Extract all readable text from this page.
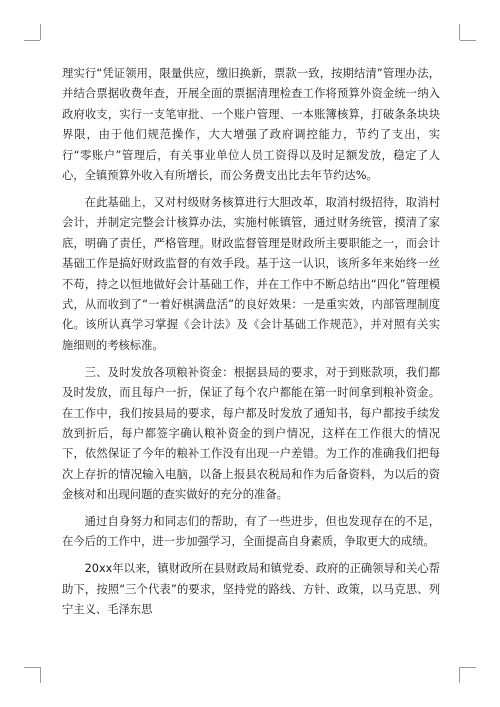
理实行“凭证领用，限量供应，缴旧换新，票款一致，按期结清”管理办法，并结合票据收费年查，开展全面的票据清理检查工作将预算外资金统一纳入政府收支，实行一支笔审批、一个账户管理、一本账簿核算，打破条条块块界限，由于他们规范操作，大大增强了政府调控能力，节约了支出，实行“零账户”管理后，有关事业单位人员工资得以及时足额发放，稳定了人心，全镇预算外收入有所增长，而公务费支出比去年节约达%。

在此基础上，又对村级财务核算进行大胆改革，取消村级招待，取消村会计，并制定完整会计核算办法，实施村帐镇管，通过财务统管，摸清了家底，明确了责任，严格管理。财政监督管理是财政所主要职能之一，而会计基础工作是搞好财政监督的有效手段。基于这一认识，该所多年来始终一丝不苟，持之以恒地做好会计基础工作，并在工作中不断总结出“四化”管理模式，从而收到了“一着好棋满盘活”的良好效果：一是重实效，内部管理制度化。该所认真学习掌握《会计法》及《会计基础工作规范》，并对照有关实施细则的考核标准。

三、及时发放各项粮补资金：根据县局的要求，对于到账款项，我们都及时发放，而且每户一折，保证了每个农户都能在第一时间拿到粮补资金。在工作中，我们按县局的要求，每户都及时发放了通知书，每户都按手续发放到折后，每户都签字确认粮补资金的到户情况，这样在工作很大的情况下，依然保证了今年的粮补工作没有出现一户差错。为工作的准确我们把每次上存折的情况输入电脑，以备上报县农税局和作为后备资料，为以后的资金核对和出现问题的查实做好的充分的准备。

通过自身努力和同志们的帮助，有了一些进步，但也发现存在的不足，在今后的工作中，进一步加强学习，全面提高自身素质，争取更大的成绩。

20xx年以来，镇财政所在县财政局和镇党委、政府的正确领导和关心帮助下，按照“三个代表”的要求，坚持党的路线、方针、政策，以马克思、列宁主义、毛泽东思
